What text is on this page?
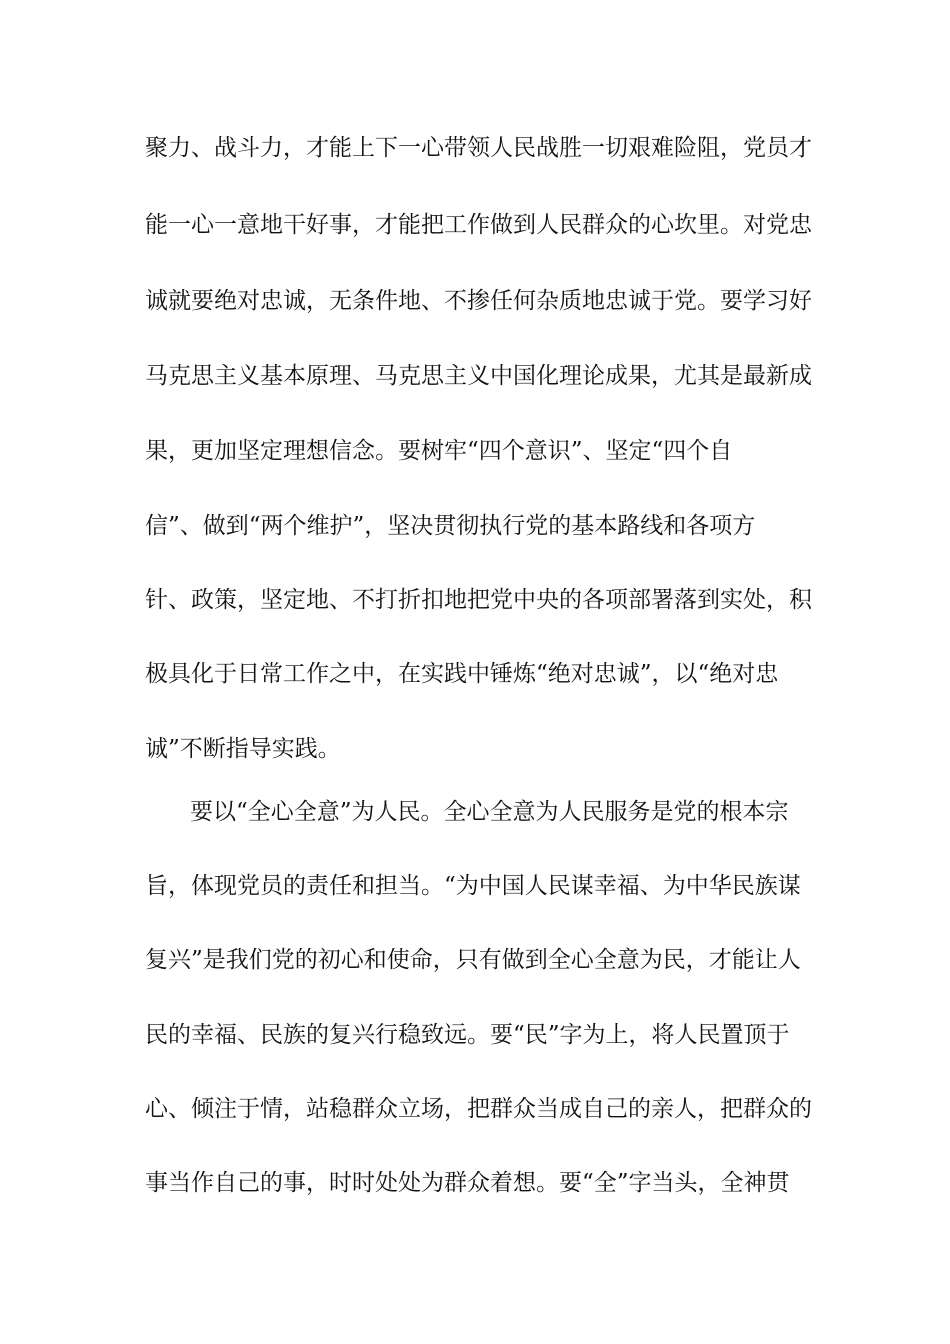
聚力、战斗力，才能上下一心带领人民战胜一切艰难险阻，党员才
能一心一意地干好事，才能把工作做到人民群众的心坎里。对党忠
诚就要绝对忠诚，无条件地、不掺任何杂质地忠诚于党。要学习好
马克思主义基本原理、马克思主义中国化理论成果，尤其是最新成
果，更加坚定理想信念。要树牢“四个意识”、坚定“四个自
信”、做到“两个维护”，坚决贯彻执行党的基本路线和各项方
针、政策，坚定地、不打折扣地把党中央的各项部署落到实处，积
极具化于日常工作之中，在实践中锤炼“绝对忠诚”，以“绝对忠
诚”不断指导实践。
要以“全心全意”为人民。全心全意为人民服务是党的根本宗
旨，体现党员的责任和担当。“为中国人民谋幸福、为中华民族谋
复兴”是我们党的初心和使命，只有做到全心全意为民，才能让人
民的幸福、民族的复兴行稳致远。要“民”字为上，将人民置顶于
心、倾注于情，站稳群众立场，把群众当成自己的亲人，把群众的
事当作自己的事，时时处处为群众着想。要“全”字当头，全神贯
